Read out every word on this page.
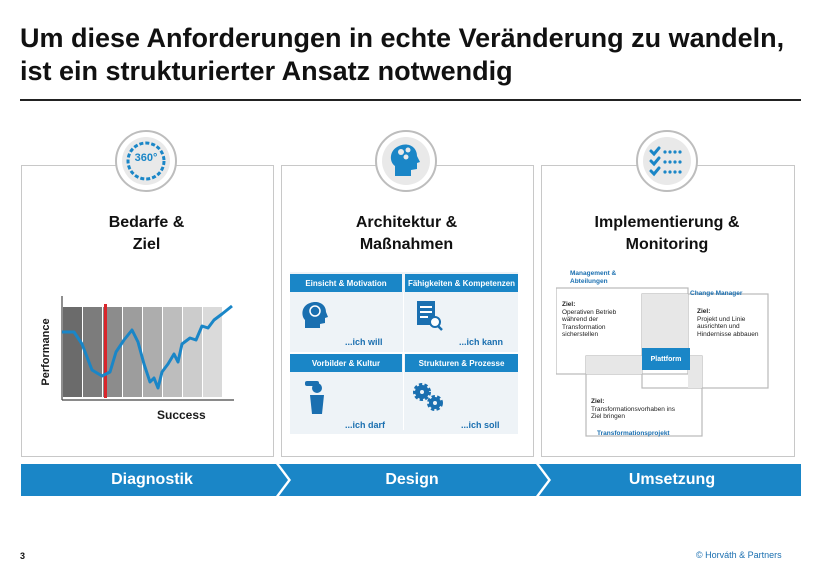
Um diese Anforderungen in echte Veränderung zu wandeln, ist ein strukturierter Ansatz notwendig
360°
Bedarfe &
Ziel
Architektur &
Maßnahmen
Implementierung &
Monitoring
Performance
Success
Einsicht & Motivation	Fähigkeiten & Kompetenzen
Vorbilder & Kultur	Strukturen & Prozesse
...ich will	...ich kann
...ich darf	...ich soll
Management & Abteilungen
Change Manager
Transformationsprojekt
Ziel:
Operativen Betrieb während der Transformation sicherstellen
Ziel:
Projekt und Linie ausrichten und Hindernisse abbauen
Ziel:
Transformationsvorhaben ins Ziel bringen
Plattform
Diagnostik	Design	Umsetzung
3	© Horváth & Partners
